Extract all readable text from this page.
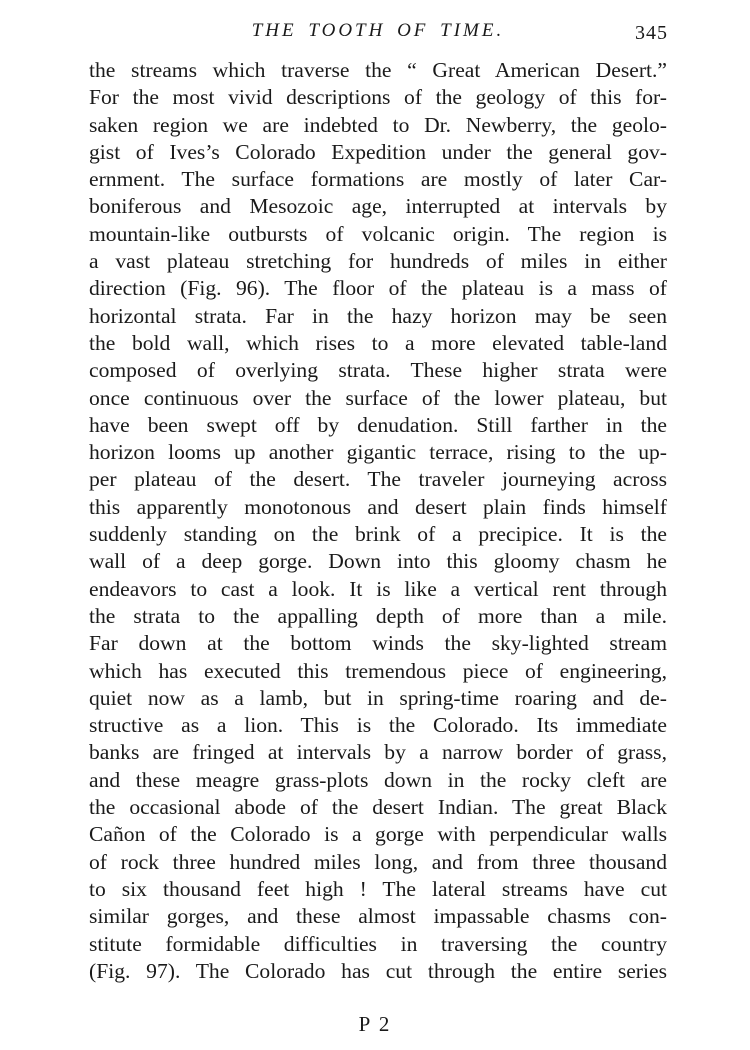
THE TOOTH OF TIME.	345
the streams which traverse the “ Great American Desert.”
For the most vivid descriptions of the geology of this for-
saken region we are indebted to Dr. Newberry, the geolo-
gist of Ives’s Colorado Expedition under the general gov-
ernment. The surface formations are mostly of later Car-
boniferous and Mesozoic age, interrupted at intervals by
mountain-like outbursts of volcanic origin. The region is
a vast plateau stretching for hundreds of miles in either
direction (Fig. 96). The floor of the plateau is a mass of
horizontal strata. Far in the hazy horizon may be seen
the bold wall, which rises to a more elevated table-land
composed of overlying strata. These higher strata were
once continuous over the surface of the lower plateau, but
have been swept off by denudation. Still farther in the
horizon looms up another gigantic terrace, rising to the up-
per plateau of the desert. The traveler journeying across
this apparently monotonous and desert plain finds himself
suddenly standing on the brink of a precipice. It is the
wall of a deep gorge. Down into this gloomy chasm he
endeavors to cast a look. It is like a vertical rent through
the strata to the appalling depth of more than a mile.
Far down at the bottom winds the sky-lighted stream
which has executed this tremendous piece of engineering,
quiet now as a lamb, but in spring-time roaring and de-
structive as a lion. This is the Colorado. Its immediate
banks are fringed at intervals by a narrow border of grass,
and these meagre grass-plots down in the rocky cleft are
the occasional abode of the desert Indian. The great Black
Cañon of the Colorado is a gorge with perpendicular walls
of rock three hundred miles long, and from three thousand
to six thousand feet high ! The lateral streams have cut
similar gorges, and these almost impassable chasms con-
stitute formidable difficulties in traversing the country
(Fig. 97). The Colorado has cut through the entire series
P 2
